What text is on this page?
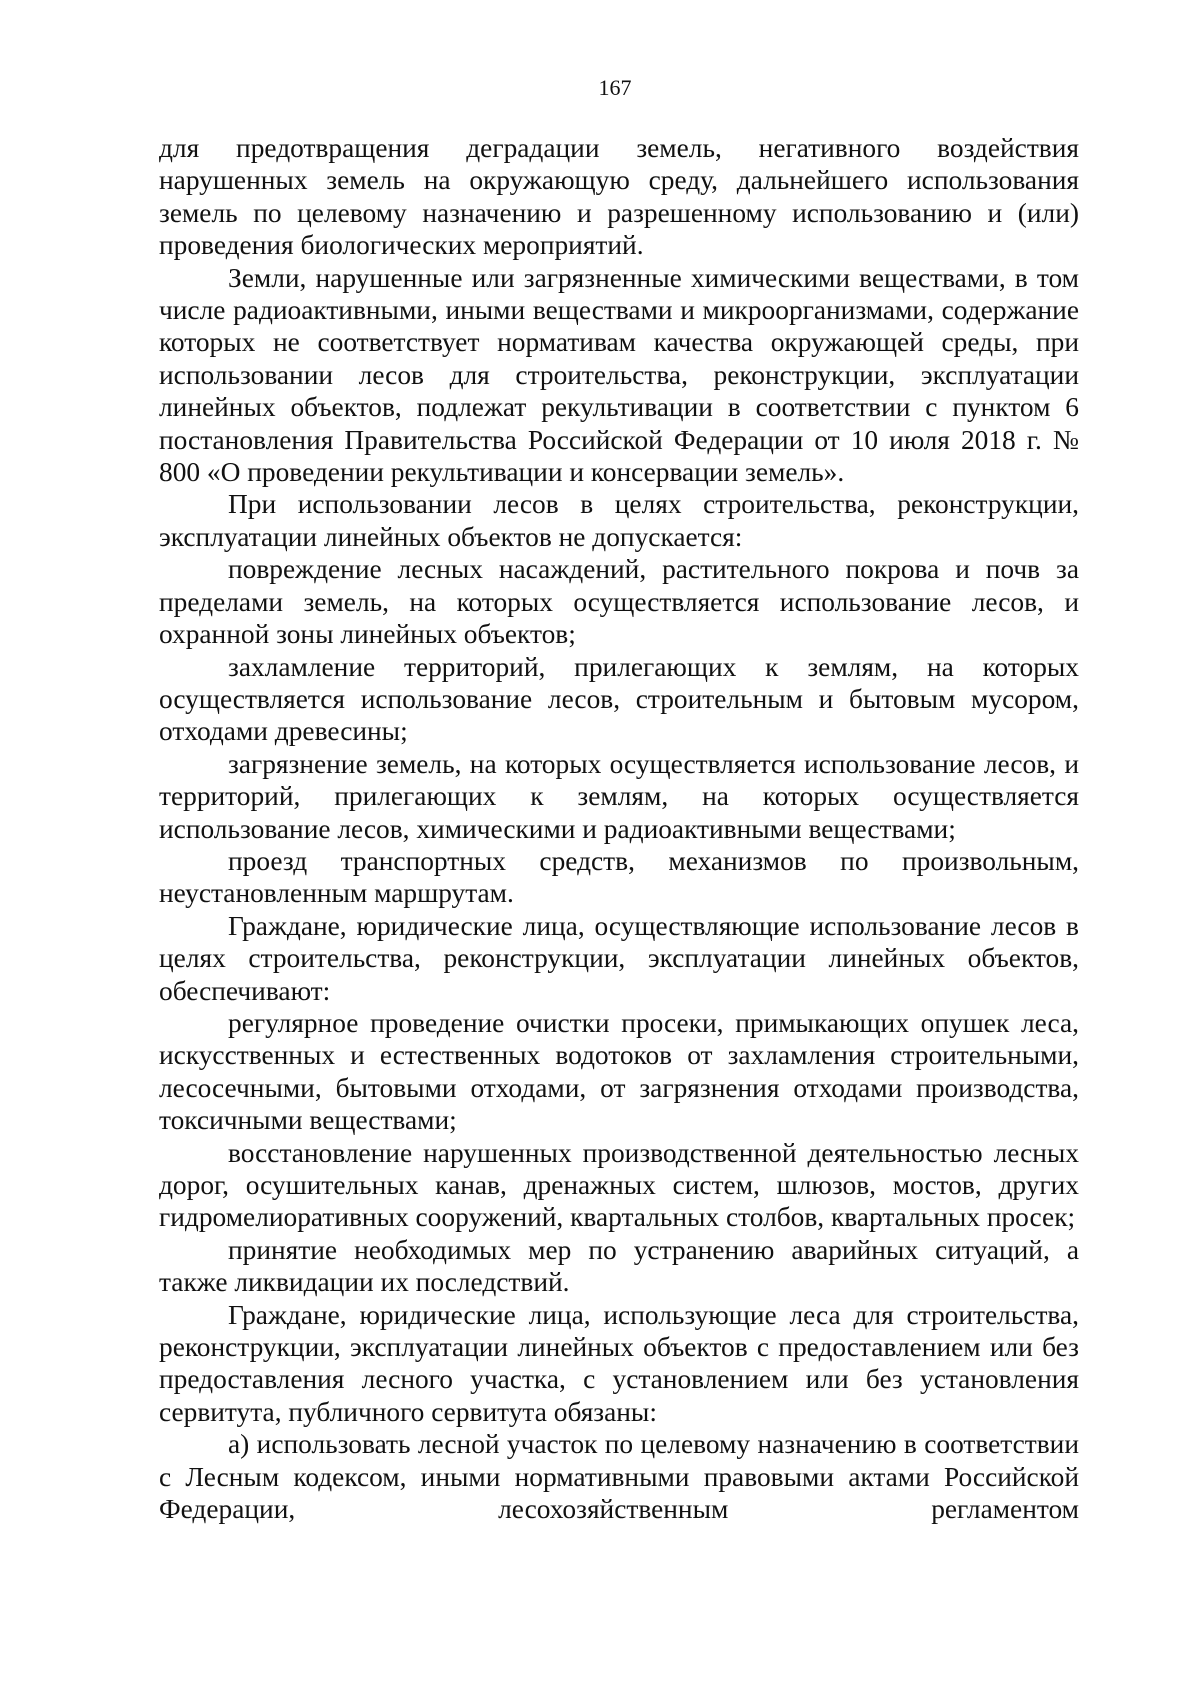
167

для предотвращения деградации земель, негативного воздействия нарушенных земель на окружающую среду, дальнейшего использования земель по целевому назначению и разрешенному использованию и (или) проведения биологических мероприятий.

Земли, нарушенные или загрязненные химическими веществами, в том числе радиоактивными, иными веществами и микроорганизмами, содержание которых не соответствует нормативам качества окружающей среды, при использовании лесов для строительства, реконструкции, эксплуатации линейных объектов, подлежат рекультивации в соответствии с пунктом 6 постановления Правительства Российской Федерации от 10 июля 2018 г. № 800 «О проведении рекультивации и консервации земель».

При использовании лесов в целях строительства, реконструкции, эксплуатации линейных объектов не допускается:

повреждение лесных насаждений, растительного покрова и почв за пределами земель, на которых осуществляется использование лесов, и охранной зоны линейных объектов;

захламление территорий, прилегающих к землям, на которых осуществляется использование лесов, строительным и бытовым мусором, отходами древесины;

загрязнение земель, на которых осуществляется использование лесов, и территорий, прилегающих к землям, на которых осуществляется использование лесов, химическими и радиоактивными веществами;

проезд транспортных средств, механизмов по произвольным, неустановленным маршрутам.

Граждане, юридические лица, осуществляющие использование лесов в целях строительства, реконструкции, эксплуатации линейных объектов, обеспечивают:

регулярное проведение очистки просеки, примыкающих опушек леса, искусственных и естественных водотоков от захламления строительными, лесосечными, бытовыми отходами, от загрязнения отходами производства, токсичными веществами;

восстановление нарушенных производственной деятельностью лесных дорог, осушительных канав, дренажных систем, шлюзов, мостов, других гидромелиоративных сооружений, квартальных столбов, квартальных просек;

принятие необходимых мер по устранению аварийных ситуаций, а также ликвидации их последствий.

Граждане, юридические лица, использующие леса для строительства, реконструкции, эксплуатации линейных объектов с предоставлением или без предоставления лесного участка, с установлением или без установления сервитута, публичного сервитута обязаны:

а) использовать лесной участок по целевому назначению в соответствии с Лесным кодексом, иными нормативными правовыми актами Российской Федерации, лесохозяйственным регламентом
